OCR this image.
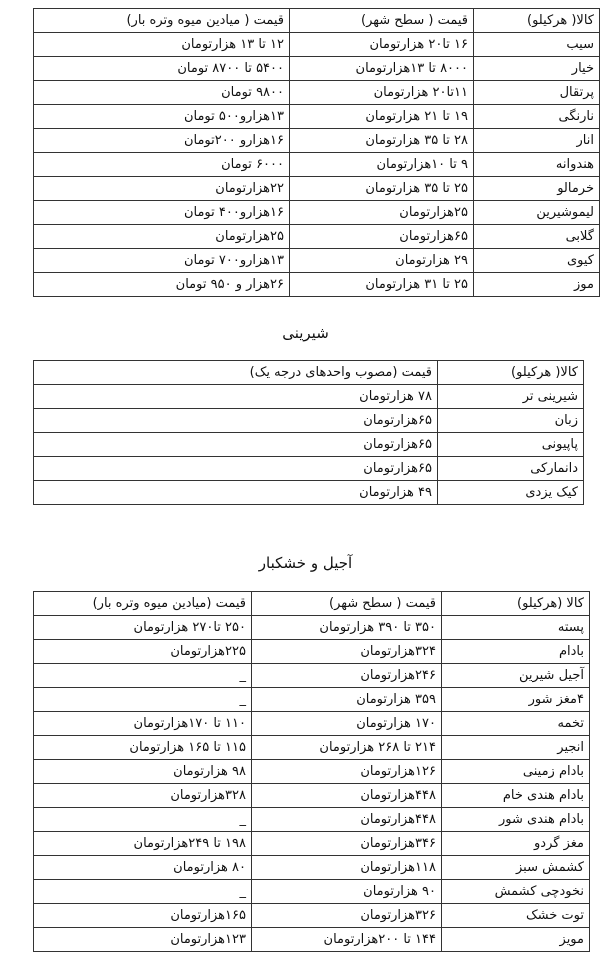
کالا( هرکیلو)	قیمت ( سطح شهر)	قیمت ( میادین میوه وتره بار)
سیب	۱۶ تا۲۰ هزارتومان	۱۲ تا ۱۳ هزارتومان
خیار	۸۰۰۰ تا ۱۳هزارتومان	۵۴۰۰ تا ۸۷۰۰ تومان
پرتقال	۱۱تا۲۰ هزارتومان	۹۸۰۰ تومان
نارنگی	۱۹ تا ۲۱ هزارتومان	۱۳هزارو۵۰۰ تومان
انار	۲۸ تا ۳۵ هزارتومان	۱۶هزارو ۲۰۰تومان
هندوانه	۹ تا ۱۰هزارتومان	۶۰۰۰ تومان
خرمالو	۲۵ تا ۳۵ هزارتومان	۲۲هزارتومان
لیموشیرین	۲۵هزارتومان	۱۶هزارو۴۰۰ تومان
گلابی	۶۵هزارتومان	۲۵هزارتومان
کیوی	۲۹ هزارتومان	۱۳هزارو۷۰۰ تومان
موز	۲۵ تا ۳۱ هزارتومان	۲۶هزار و ۹۵۰ تومان
شیرینی
کالا( هرکیلو)	قیمت (مصوب واحدهای درجه یک)
شیرینی تر	۷۸ هزارتومان
زبان	۶۵هزارتومان
پاپیونی	۶۵هزارتومان
دانمارکی	۶۵هزارتومان
کیک یزدی	۴۹ هزارتومان
آجیل و خشکبار
کالا (هرکیلو)	قیمت ( سطح شهر)	قیمت (میادین میوه وتره بار)
پسته	۳۵۰ تا ۳۹۰ هزارتومان	۲۵۰ تا۲۷۰ هزارتومان
بادام	۳۲۴هزارتومان	۲۲۵هزارتومان
آجیل شیرین	۲۴۶هزارتومان	_
۴مغز شور	۳۵۹ هزارتومان	_
تخمه	۱۷۰ هزارتومان	۱۱۰ تا ۱۷۰هزارتومان
انجیر	۲۱۴ تا ۲۶۸ هزارتومان	۱۱۵ تا ۱۶۵ هزارتومان
بادام زمینی	۱۲۶هزارتومان	۹۸ هزارتومان
بادام هندی خام	۴۴۸هزارتومان	۳۲۸هزارتومان
بادام هندی شور	۴۴۸هزارتومان	_
مغز گردو	۳۴۶هزارتومان	۱۹۸ تا ۲۴۹هزارتومان
کشمش سبز	۱۱۸هزارتومان	۸۰ هزارتومان
نخودچی کشمش	۹۰ هزارتومان	_
توت خشک	۳۲۶هزارتومان	۱۶۵هزارتومان
مویز	۱۴۴ تا ۲۰۰هزارتومان	۱۲۳هزارتومان
